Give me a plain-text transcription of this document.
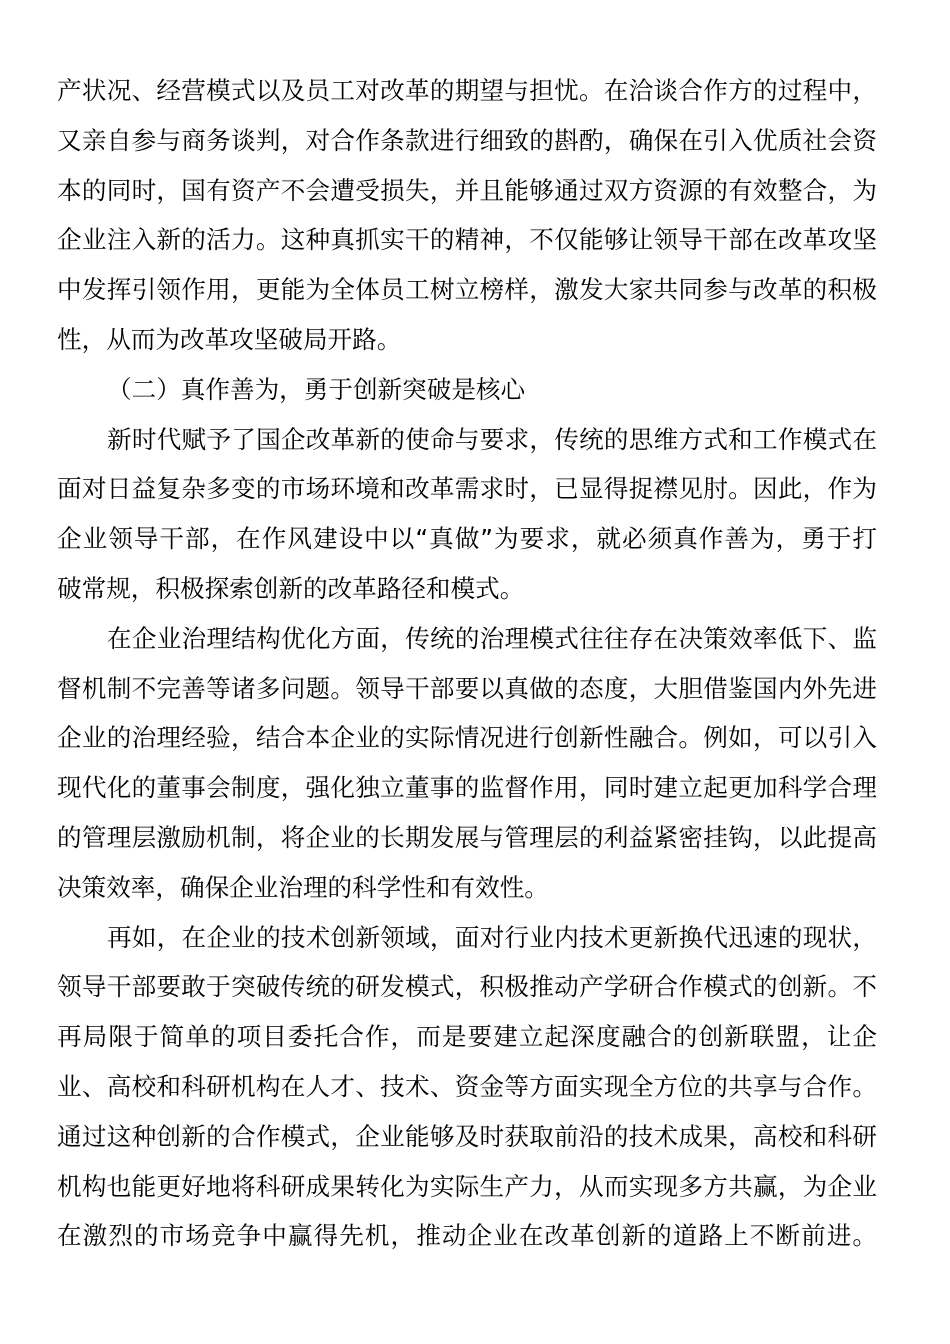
产状况、经营模式以及员工对改革的期望与担忧。在洽谈合作方的过程中，
又亲自参与商务谈判，对合作条款进行细致的斟酌，确保在引入优质社会资
本的同时，国有资产不会遭受损失，并且能够通过双方资源的有效整合，为
企业注入新的活力。这种真抓实干的精神，不仅能够让领导干部在改革攻坚
中发挥引领作用，更能为全体员工树立榜样，激发大家共同参与改革的积极
性，从而为改革攻坚破局开路。
（二）真作善为，勇于创新突破是核心
新时代赋予了国企改革新的使命与要求，传统的思维方式和工作模式在
面对日益复杂多变的市场环境和改革需求时，已显得捉襟见肘。因此，作为
企业领导干部，在作风建设中以“真做”为要求，就必须真作善为，勇于打
破常规，积极探索创新的改革路径和模式。
在企业治理结构优化方面，传统的治理模式往往存在决策效率低下、监
督机制不完善等诸多问题。领导干部要以真做的态度，大胆借鉴国内外先进
企业的治理经验，结合本企业的实际情况进行创新性融合。例如，可以引入
现代化的董事会制度，强化独立董事的监督作用，同时建立起更加科学合理
的管理层激励机制，将企业的长期发展与管理层的利益紧密挂钩，以此提高
决策效率，确保企业治理的科学性和有效性。
再如，在企业的技术创新领域，面对行业内技术更新换代迅速的现状，
领导干部要敢于突破传统的研发模式，积极推动产学研合作模式的创新。不
再局限于简单的项目委托合作，而是要建立起深度融合的创新联盟，让企
业、高校和科研机构在人才、技术、资金等方面实现全方位的共享与合作。
通过这种创新的合作模式，企业能够及时获取前沿的技术成果，高校和科研
机构也能更好地将科研成果转化为实际生产力，从而实现多方共赢，为企业
在激烈的市场竞争中赢得先机，推动企业在改革创新的道路上不断前进。
